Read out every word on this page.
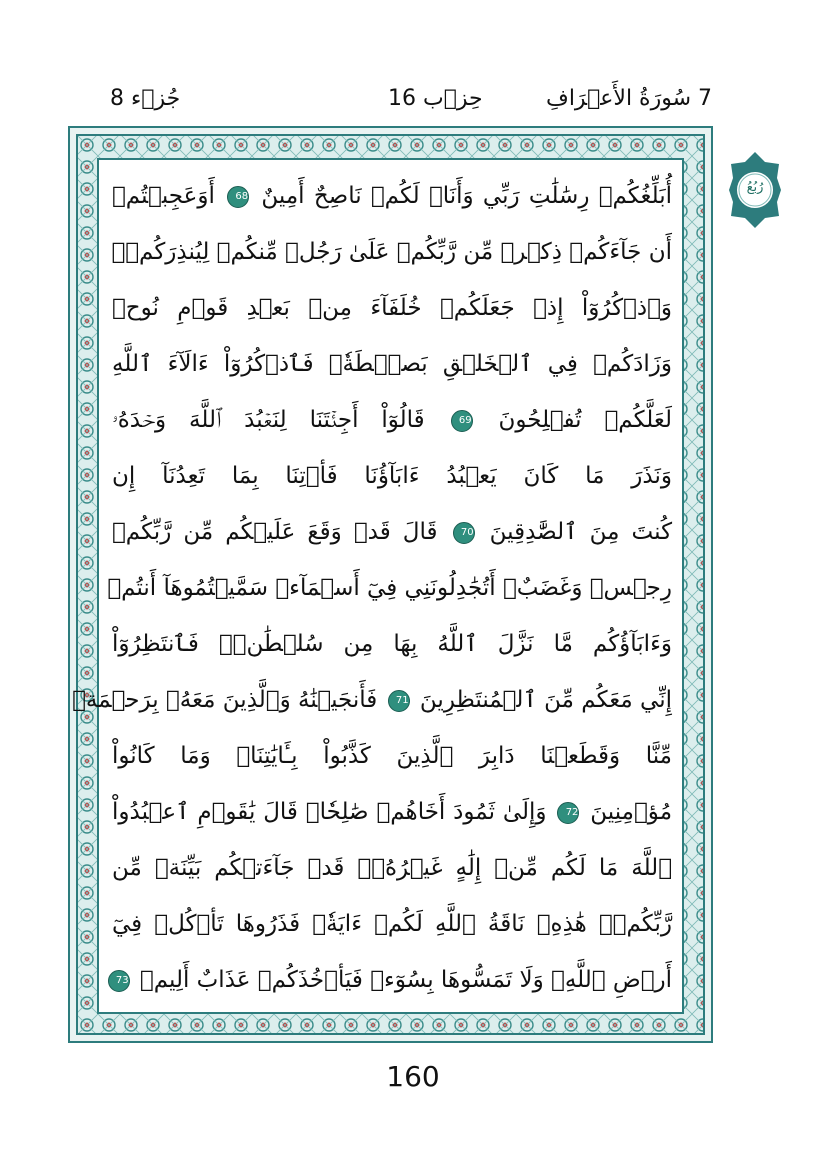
جُزۡء 8	حِزۡب 16	7 سُورَةُ الأَعۡرَافِ
رُبُعُ
أُبَلِّغُكُمۡ رِسَٰلَٰتِ رَبِّي وَأَنَا۠ لَكُمۡ نَاصِحٌ أَمِينٌ 68 أَوَعَجِبۡتُمۡ
أَن جَآءَكُمۡ ذِكۡرٞ مِّن رَّبِّكُمۡ عَلَىٰ رَجُلٖ مِّنكُمۡ لِيُنذِرَكُمۡۚ
وَٱذۡكُرُوٓاْ إِذۡ جَعَلَكُمۡ خُلَفَآءَ مِنۢ بَعۡدِ قَوۡمِ نُوحٖ
وَزَادَكُمۡ فِي ٱلۡخَلۡقِ بَصۜۡطَةٗۖ فَٱذۡكُرُوٓاْ ءَالَآءَ ٱللَّهِ
لَعَلَّكُمۡ تُفۡلِحُونَ 69 قَالُوٓاْ أَجِئۡتَنَا لِنَعۡبُدَ ٱللَّهَ وَحۡدَهُۥ
وَنَذَرَ مَا كَانَ يَعۡبُدُ ءَابَآؤُنَا فَأۡتِنَا بِمَا تَعِدُنَآ إِن
كُنتَ مِنَ ٱلصَّٰدِقِينَ 70 قَالَ قَدۡ وَقَعَ عَلَيۡكُم مِّن رَّبِّكُمۡ
رِجۡسٞ وَغَضَبٌۖ أَتُجَٰدِلُونَنِي فِيٓ أَسۡمَآءٖ سَمَّيۡتُمُوهَآ أَنتُمۡ
وَءَابَآؤُكُم مَّا نَزَّلَ ٱللَّهُ بِهَا مِن سُلۡطَٰنٖۚ فَٱنتَظِرُوٓاْ
إِنِّي مَعَكُم مِّنَ ٱلۡمُنتَظِرِينَ 71 فَأَنجَيۡنَٰهُ وَٱلَّذِينَ مَعَهُۥ بِرَحۡمَةٖ
مِّنَّا وَقَطَعۡنَا دَابِرَ ٱلَّذِينَ كَذَّبُواْ بِـَٔايَٰتِنَاۖ وَمَا كَانُواْ
مُؤۡمِنِينَ 72 وَإِلَىٰ ثَمُودَ أَخَاهُمۡ صَٰلِحٗاۚ قَالَ يَٰقَوۡمِ ٱعۡبُدُواْ
ٱللَّهَ مَا لَكُم مِّنۡ إِلَٰهٍ غَيۡرُهُۥۖ قَدۡ جَآءَتۡكُم بَيِّنَةٞ مِّن
رَّبِّكُمۡۖ هَٰذِهِۦ نَاقَةُ ٱللَّهِ لَكُمۡ ءَايَةٗۖ فَذَرُوهَا تَأۡكُلۡ فِيٓ
أَرۡضِ ٱللَّهِۖ وَلَا تَمَسُّوهَا بِسُوٓءٖ فَيَأۡخُذَكُمۡ عَذَابٌ أَلِيمٞ 73
160
